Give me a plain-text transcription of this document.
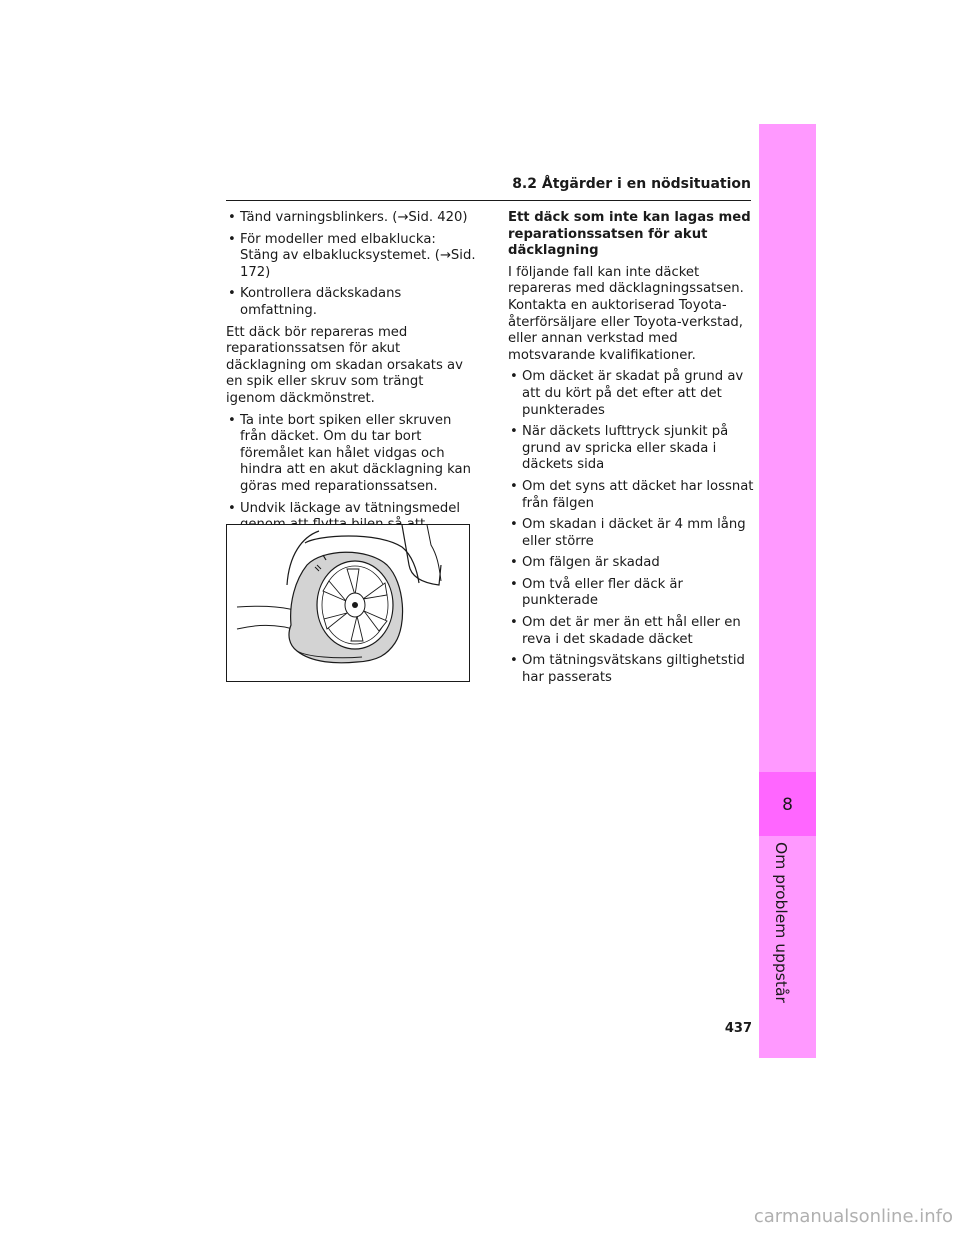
8
Om problem uppstår
8.2 Åtgärder i en nödsituation
• Tänd varningsblinkers. (→Sid. 420)
• För modeller med elbaklucka: Stäng av elbaklucksystemet. (→Sid. 172)
• Kontrollera däckskadans omfattning.

Ett däck bör repareras med reparationssatsen för akut däcklagning om skadan orsakats av en spik eller skruv som trängt igenom däckmönstret.

• Ta inte bort spiken eller skruven från däcket. Om du tar bort föremålet kan hålet vidgas och hindra att en akut däcklagning kan göras med reparationssatsen.
• Undvik läckage av tätningsmedel
Ett däck som inte kan lagas med reparationssatsen för akut däcklagning

I följande fall kan inte däcket repareras med däcklagningssatsen. Kontakta en auktoriserad Toyota-återförsäljare eller Toyota-verkstad, eller annan verkstad med motsvarande kvalifikationer.

• Om däcket är skadat på grund av att du kört på det efter att det punkterades
• När däckets lufttryck sjunkit på grund av spricka eller skada i däckets sida
• Om det syns att däcket har lossnat från fälgen
• Om skadan i däcket är 4 mm lång eller större
• Om fälgen är skadad
• Om två eller fler däck är punkterade
• Om det är mer än ett hål eller en reva i det skadade däcket
• Om tätningsvätskans giltighetstid har passerats
437
carmanualsonline.info
